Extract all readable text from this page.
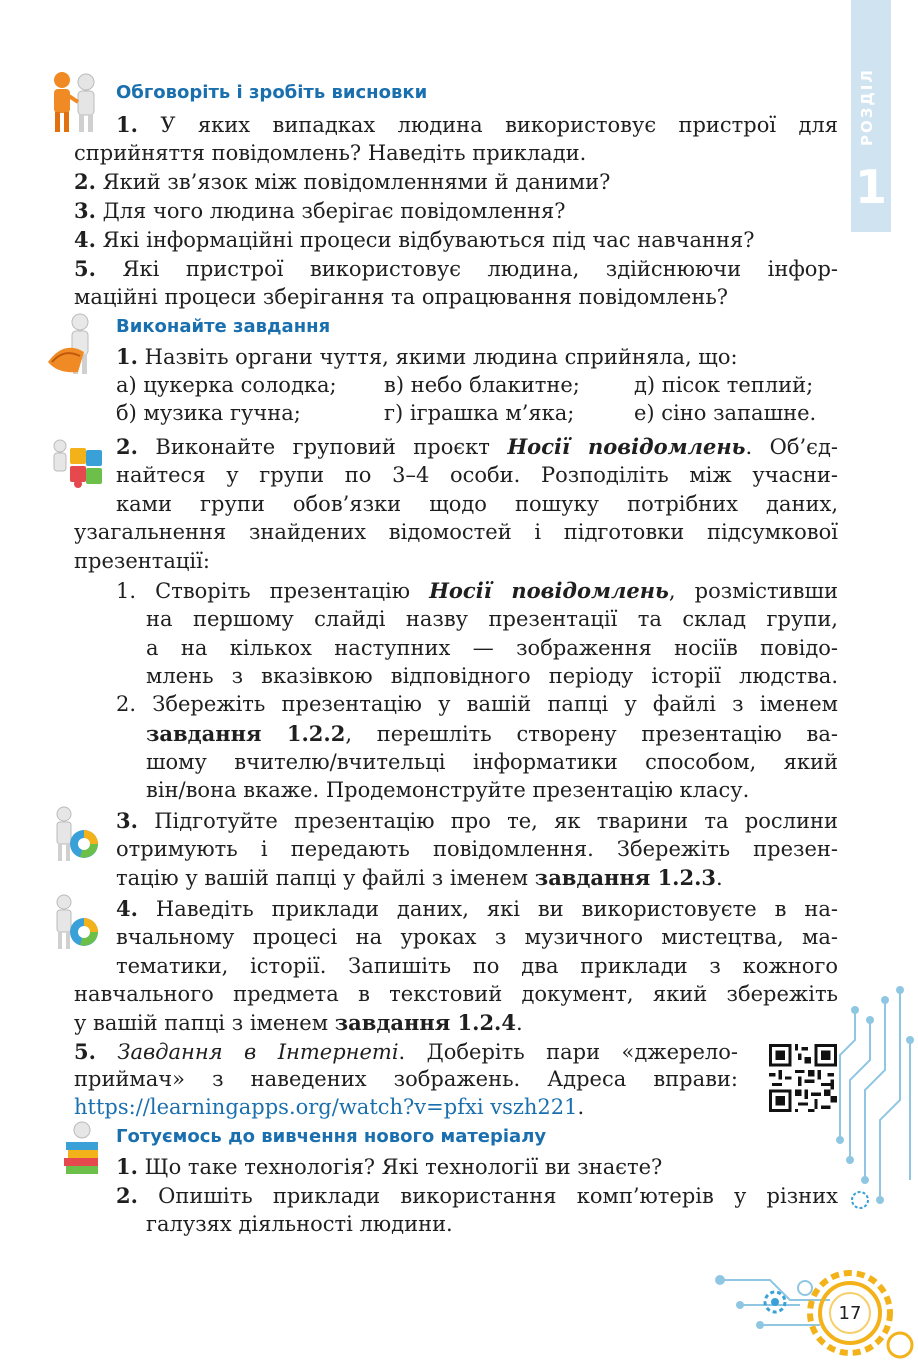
РОЗДІЛ
1
17
Обговоріть і зробіть висновки
1. У яких випадках людина використовує пристрої для
сприйняття повідомлень? Наведіть приклади.
2. Який зв’язок між повідомленнями й даними?
3. Для чого людина зберігає повідомлення?
4. Які інформаційні процеси відбуваються під час навчання?
5. Які пристрої використовує людина, здійснюючи інфор-
маційні процеси зберігання та опрацювання повідомлень?
Виконайте завдання
1. Назвіть органи чуття, якими людина сприйняла, що:
а) цукерка солодка; в) небо блакитне;	д) пісок теплий;
б) музика гучна;	г) іграшка м’яка;	е) сіно запашне.
2. Виконайте груповий проєкт Носії повідомлень. Об’єд-
найтеся у групи по 3–4 особи. Розподіліть між учасни-
ками групи обов’язки щодо пошуку потрібних даних,
узагальнення знайдених відомостей і підготовки підсумкової
презентації:
1. Створіть презентацію Носії повідомлень, розмістивши
на першому слайді назву презентації та склад групи,
а на кількох наступних — зображення носіїв повідо-
млень з вказівкою відповідного періоду історії людства.
2. Збережіть презентацію у вашій папці у файлі з іменем
завдання 1.2.2, перешліть створену презентацію ва-
шому вчителю/вчительці інформатики способом, який
він/вона вкаже. Продемонструйте презентацію класу.
3. Підготуйте презентацію про те, як тварини та рослини
отримують і передають повідомлення. Збережіть презен-
тацію у вашій папці у файлі з іменем завдання 1.2.3.
4. Наведіть приклади даних, які ви використовуєте в на-
вчальному процесі на уроках з музичного мистецтва, ма-
тематики, історії. Запишіть по два приклади з кожного
навчального предмета в текстовий документ, який збережіть
у вашій папці з іменем завдання 1.2.4.
5. Завдання в Інтернеті. Доберіть пари «джерело-
приймач» з наведених зображень. Адреса вправи:
https://learningapps.org/watch?v=pfxi vszh221.
Готуємось до вивчення нового матеріалу
1. Що таке технологія? Які технології ви знаєте?
2. Опишіть приклади використання комп’ютерів у різних
галузях діяльності людини.
